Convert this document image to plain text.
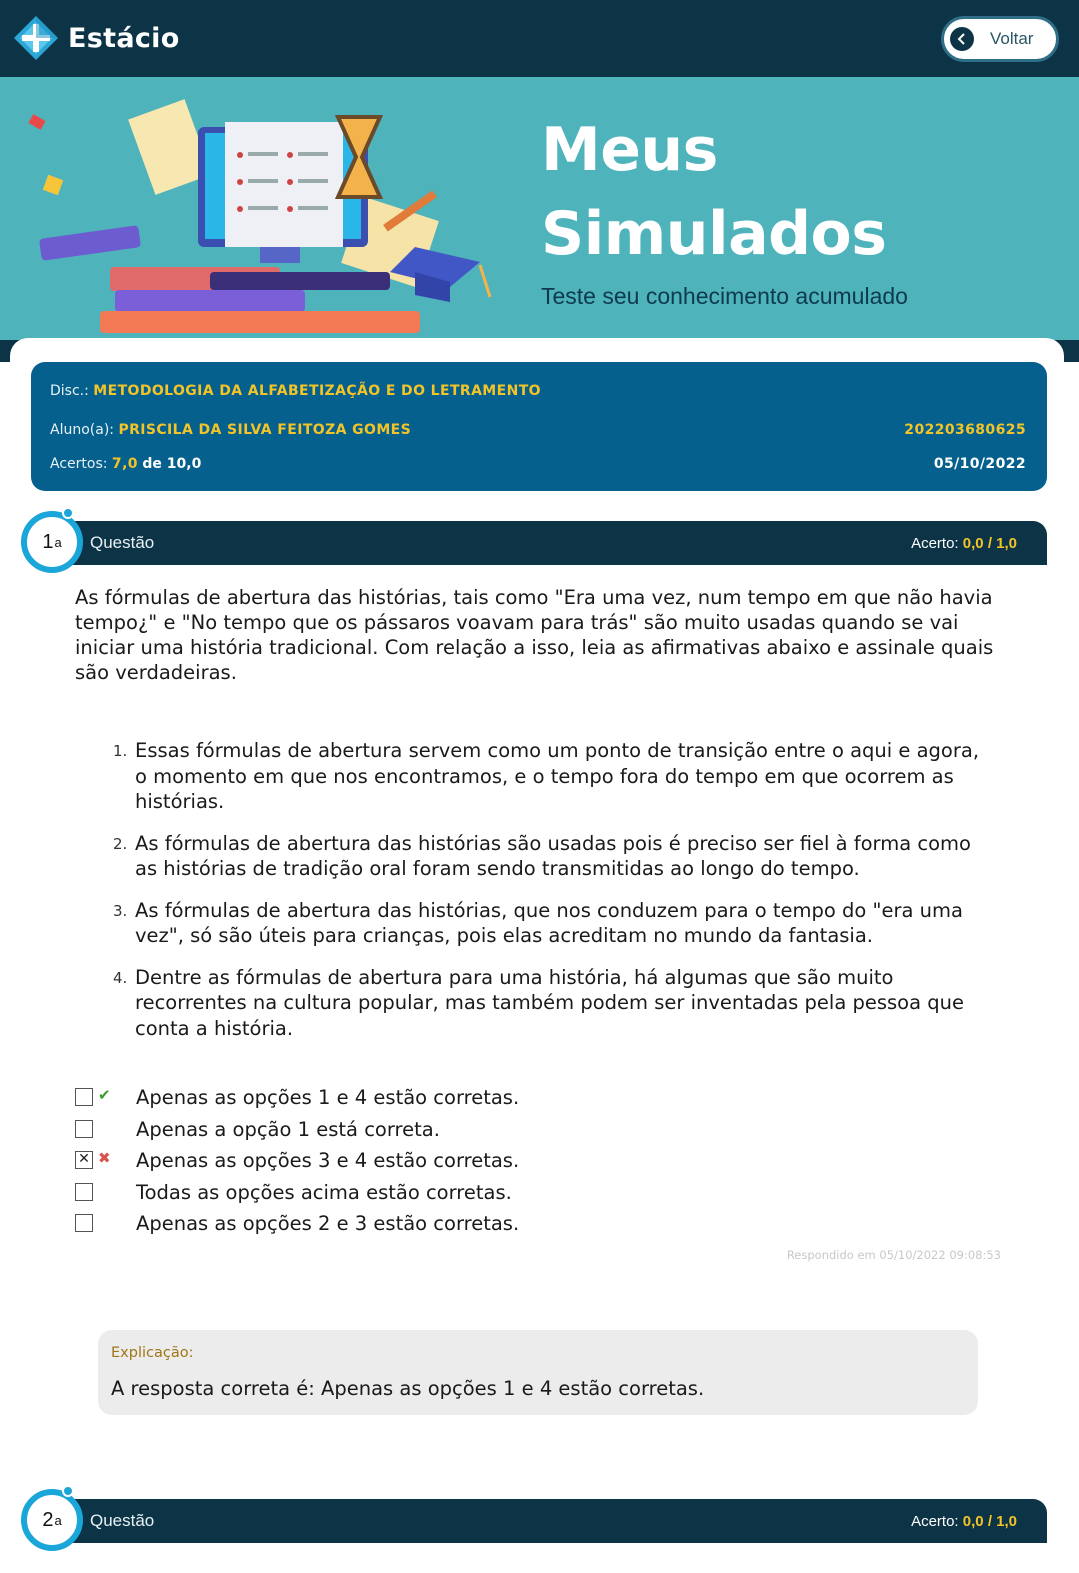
Estácio	Voltar
Meus
Simulados
Teste seu conhecimento acumulado
Disc.: METODOLOGIA DA ALFABETIZAÇÃO E DO LETRAMENTO
Aluno(a): PRISCILA DA SILVA FEITOZA GOMES	202203680625
Acertos: 7,0 de 10,0	05/10/2022
Questão	Acerto: 0,0 / 1,0
1 a
As fórmulas de abertura das histórias, tais como "Era uma vez, num tempo em que não havia tempo¿" e "No tempo que os pássaros voavam para trás" são muito usadas quando se vai iniciar uma história tradicional. Com relação a isso, leia as afirmativas abaixo e assinale quais são verdadeiras.
1. Essas fórmulas de abertura servem como um ponto de transição entre o aqui e agora, o momento em que nos encontramos, e o tempo fora do tempo em que ocorrem as histórias.
2. As fórmulas de abertura das histórias são usadas pois é preciso ser fiel à forma como as histórias de tradição oral foram sendo transmitidas ao longo do tempo.
3. As fórmulas de abertura das histórias, que nos conduzem para o tempo do "era uma vez", só são úteis para crianças, pois elas acreditam no mundo da fantasia.
4. Dentre as fórmulas de abertura para uma história, há algumas que são muito recorrentes na cultura popular, mas também podem ser inventadas pela pessoa que conta a história.
✔ Apenas as opções 1 e 4 estão corretas.
Apenas a opção 1 está correta.
✕ ✖ Apenas as opções 3 e 4 estão corretas.
Todas as opções acima estão corretas.
Apenas as opções 2 e 3 estão corretas.
Respondido em 05/10/2022 09:08:53
Explicação:
A resposta correta é: Apenas as opções 1 e 4 estão corretas.
Questão	Acerto: 0,0 / 1,0
2 a
